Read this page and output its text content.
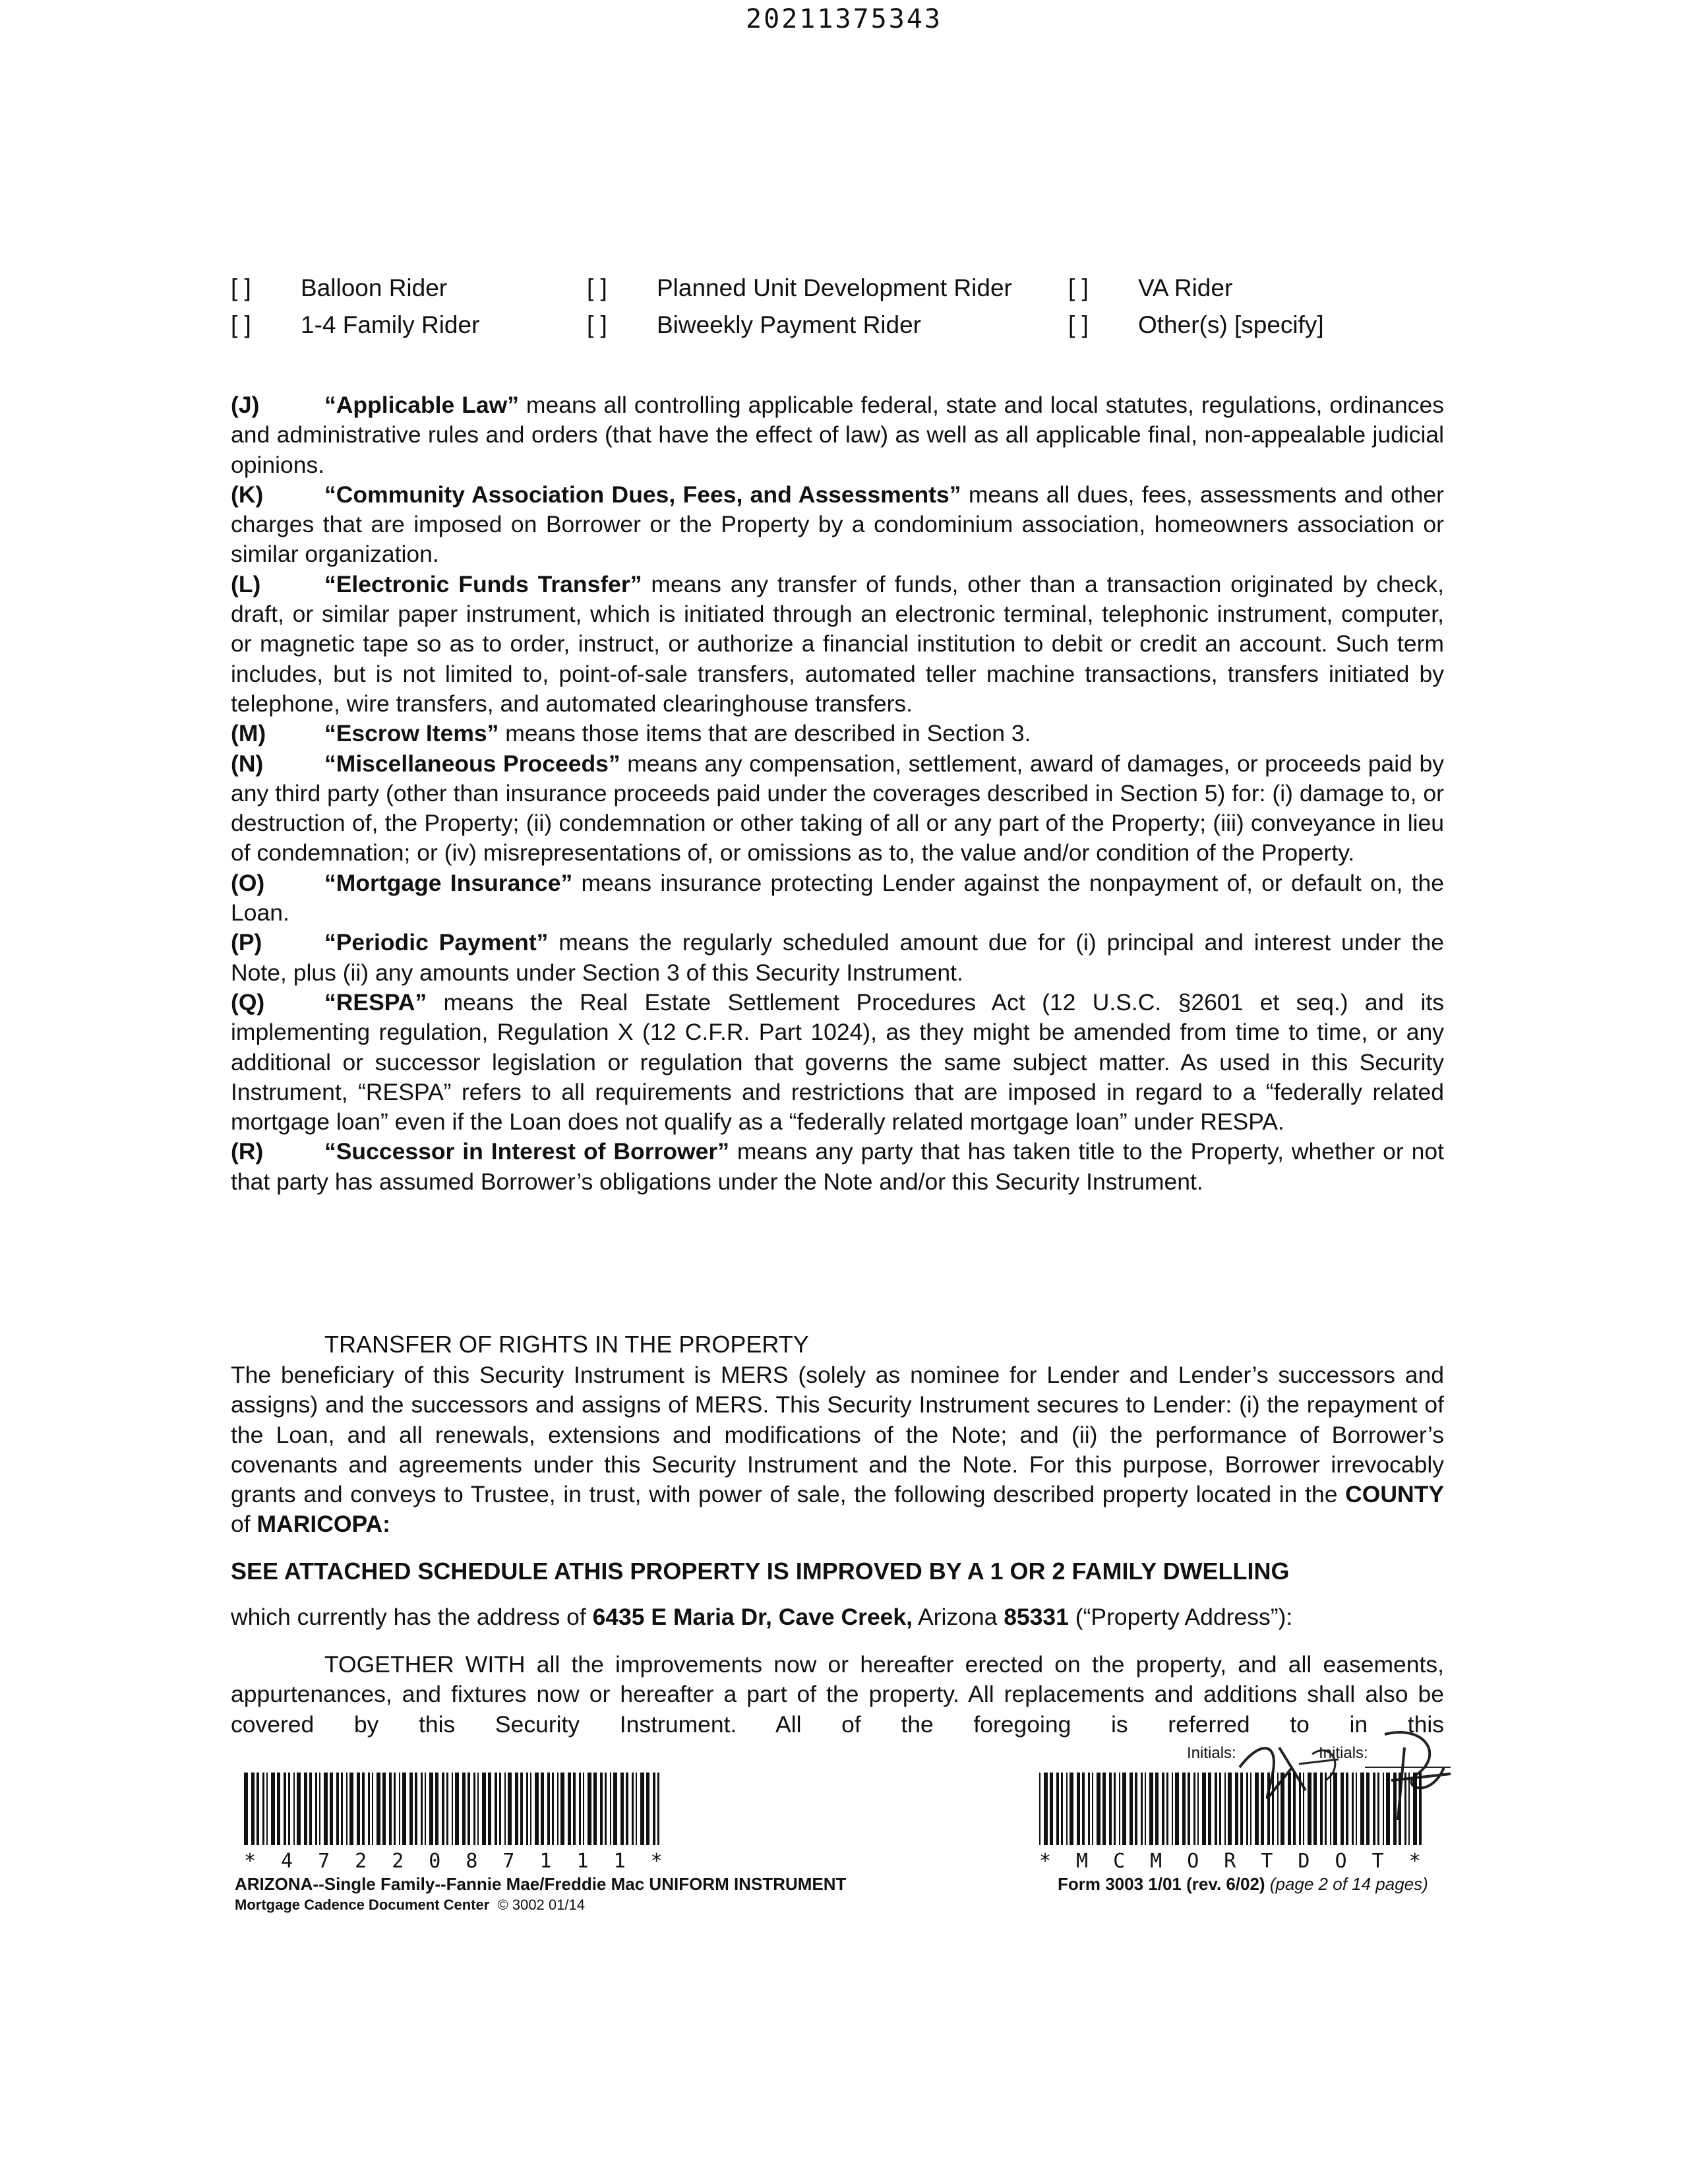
20211375343
[ ] Balloon Rider	[ ] Planned Unit Development Rider [ ] VA Rider
[ ] 1-4 Family Rider	[ ] Biweekly Payment Rider	[ ] Other(s) [specify]

(J)	“Applicable Law” means all controlling applicable federal, state and local statutes, regulations, ordinances and administrative rules and orders (that have the effect of law) as well as all applicable final, non-appealable judicial opinions.

(K)	“Community Association Dues, Fees, and Assessments” means all dues, fees, assessments and other charges that are imposed on Borrower or the Property by a condominium association, homeowners association or similar organization.

(L)	“Electronic Funds Transfer” means any transfer of funds, other than a transaction originated by check, draft, or similar paper instrument, which is initiated through an electronic terminal, telephonic instrument, computer, or magnetic tape so as to order, instruct, or authorize a financial institution to debit or credit an account. Such term includes, but is not limited to, point-of-sale transfers, automated teller machine transactions, transfers initiated by telephone, wire transfers, and automated clearinghouse transfers.

(M)	“Escrow Items” means those items that are described in Section 3.

(N)	“Miscellaneous Proceeds” means any compensation, settlement, award of damages, or proceeds paid by any third party (other than insurance proceeds paid under the coverages described in Section 5) for: (i) damage to, or destruction of, the Property; (ii) condemnation or other taking of all or any part of the Property; (iii) conveyance in lieu of condemnation; or (iv) misrepresentations of, or omissions as to, the value and/or condition of the Property.

(O)	“Mortgage Insurance” means insurance protecting Lender against the nonpayment of, or default on, the Loan.

(P)	“Periodic Payment” means the regularly scheduled amount due for (i) principal and interest under the Note, plus (ii) any amounts under Section 3 of this Security Instrument.

(Q)	“RESPA” means the Real Estate Settlement Procedures Act (12 U.S.C. §2601 et seq.) and its implementing regulation, Regulation X (12 C.F.R. Part 1024), as they might be amended from time to time, or any additional or successor legislation or regulation that governs the same subject matter. As used in this Security Instrument, “RESPA” refers to all requirements and restrictions that are imposed in regard to a “federally related mortgage loan” even if the Loan does not qualify as a “federally related mortgage loan” under RESPA.

(R)	“Successor in Interest of Borrower” means any party that has taken title to the Property, whether or not that party has assumed Borrower’s obligations under the Note and/or this Security Instrument.

TRANSFER OF RIGHTS IN THE PROPERTY

The beneficiary of this Security Instrument is MERS (solely as nominee for Lender and Lender’s successors and assigns) and the successors and assigns of MERS. This Security Instrument secures to Lender: (i) the repayment of the Loan, and all renewals, extensions and modifications of the Note; and (ii) the performance of Borrower’s covenants and agreements under this Security Instrument and the Note. For this purpose, Borrower irrevocably grants and conveys to Trustee, in trust, with power of sale, the following described property located in the COUNTY of MARICOPA:

SEE ATTACHED SCHEDULE ATHIS PROPERTY IS IMPROVED BY A 1 OR 2 FAMILY DWELLING
which currently has the address of 6435 E Maria Dr, Cave Creek, Arizona 85331 (“Property Address”):

TOGETHER WITH all the improvements now or hereafter erected on the property, and all easements, appurtenances, and fixtures now or hereafter a part of the property. All replacements and additions shall also be covered by this Security Instrument. All of the foregoing is referred to in this

Initials:	Initials:
*4722087111*	*MCMORTDOT*
ARIZONA--Single Family--Fannie Mae/Freddie Mac UNIFORM INSTRUMENT
Mortgage Cadence Document Center © 3002 01/14
Form 3003 1/01 (rev. 6/02) (page 2 of 14 pages)
